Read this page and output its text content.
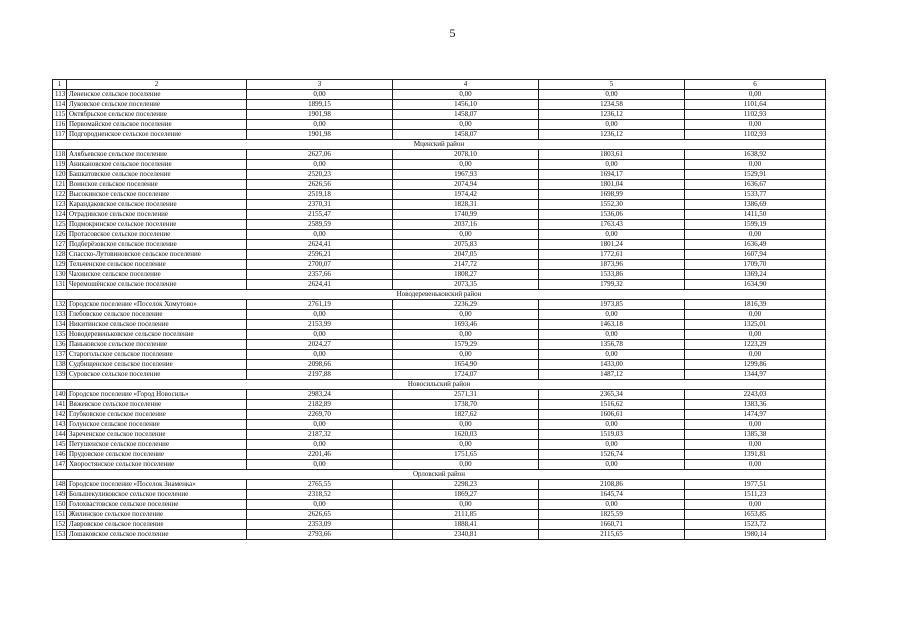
5
1	2	3	4	5	6
113	Лененское сельское поселение	0,00	0,00	0,00	0,00
114	Луковское сельское поселение	1899,15	1456,10	1234,58	1101,64
115	Октябрьское сельское поселение	1901,98	1458,07	1236,12	1102,93
116	Первомайское сельское поселение	0,00	0,00	0,00	0,00
117	Подгородненское сельское поселение	1901,98	1458,07	1236,12	1102,93
Мценский район					
118	Алябьевское сельское поселение	2627,06	2078,10	1803,61	1638,92
119	Аникановское сельское поселение	0,00	0,00	0,00	0,00
120	Башкатовское сельское поселение	2520,23	1967,93	1694,17	1529,91
121	Воинское сельское поселение	2626,56	2074,94	1801,04	1636,67
122	Высокинское сельское поселение	2519,18	1974,42	1698,99	1533,77
123	Карандаковское сельское поселение	2370,31	1828,31	1552,30	1386,69
124	Отрадинское сельское поселение	2155,47	1740,99	1536,06	1411,50
125	Подмокринское сельское поселение	2589,59	2037,16	1763,43	1599,19
126	Протасовское сельское поселение	0,00	0,00	0,00	0,00
127	Подберёзовское сельское поселение	2624,41	2075,83	1801,24	1636,49
128	Спасско-Лутовиновское сельское поселение	2596,21	2047,05	1772,61	1607,94
129	Тельченское сельское поселение	2700,07	2147,72	1873,96	1709,70
130	Чахинское сельское поселение	2357,66	1808,27	1533,86	1369,24
131	Черемошёнское сельское поселение	2624,41	2073,35	1799,32	1634,90
Новодеревеньковский район					
132	Городское поселение «Поселок Хомутово»	2761,19	2236,29	1973,85	1816,39
133	Глебовское сельское поселение	0,00	0,00	0,00	0,00
134	Никитинское сельское поселение	2153,99	1693,46	1463,18	1325,01
135	Новодеревеньковское сельское поселение	0,00	0,00	0,00	0,00
136	Паньковское сельское поселение	2024,27	1579,29	1356,78	1223,29
137	Старогольское сельское поселение	0,00	0,00	0,00	0,00
138	Судбищенское сельское поселение	2098,66	1654,90	1433,00	1299,86
139	Суровское сельское поселение	2197,88	1724,07	1487,12	1344,97
Новосильский район					
140	Городское поселение «Город Новосиль»	2983,24	2571,31	2365,34	2243,03
141	Вяжевское сельское поселение	2182,89	1738,70	1516,62	1383,36
142	Глубковское сельское поселение	2269,70	1827,62	1606,61	1474,97
143	Голунское сельское поселение	0,00	0,00	0,00	0,00
144	Зареченское сельское поселение	2187,32	1620,03	1519,03	1385,38
145	Петушенское сельское поселение	0,00	0,00	0,00	0,00
146	Прудовское сельское поселение	2201,46	1751,65	1526,74	1391,81
147	Хворостянское сельское поселение	0,00	0,00	0,00	0,00
Орловский район					
148	Городское поселение «Поселок Знаменка»	2765,55	2298,23	2108,86	1977,51
149	Большекуликовское сельское поселение	2318,52	1869,27	1645,74	1511,23
150	Голохвастовское сельское поселение	0,00	0,00	0,00	0,00
151	Жилинское сельское поселение	2626,65	2111,85	1825,59	1653,85
152	Лавровское сельское поселение	2353,09	1888,41	1660,71	1523,72
153	Лошаковское сельское поселение	2793,66	2340,81	2115,65	1980,14
